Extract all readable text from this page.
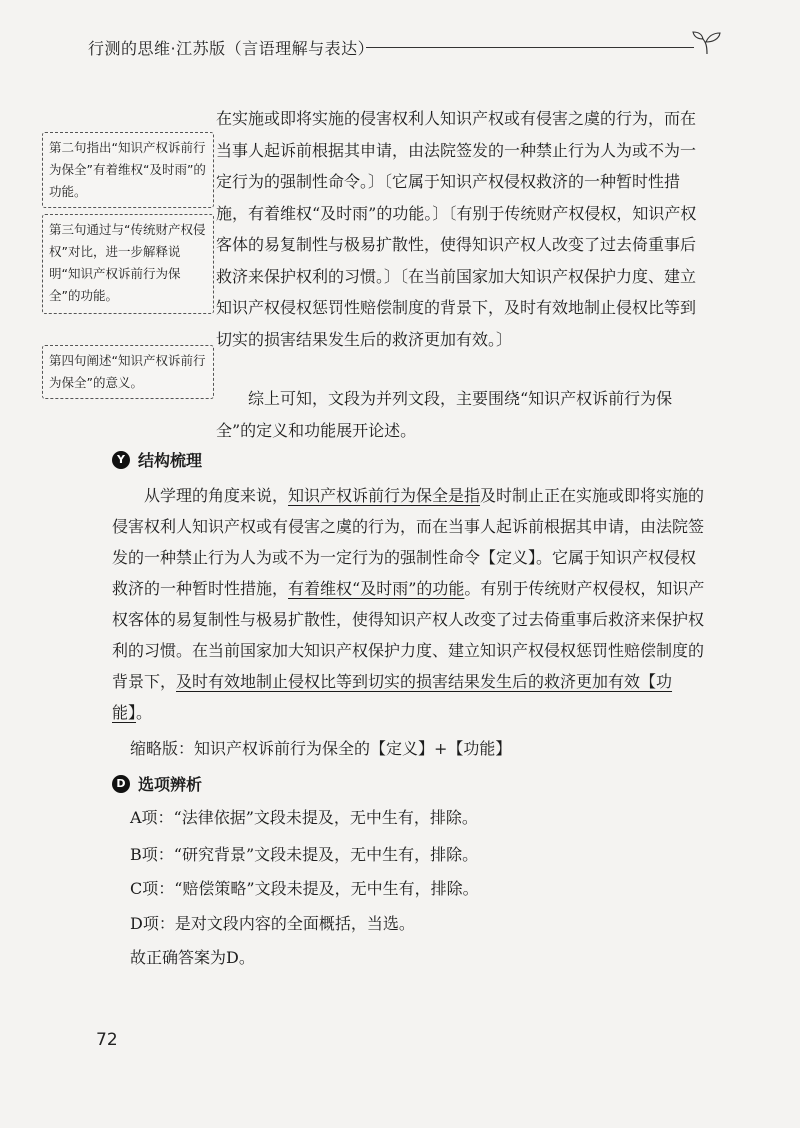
行测的思维·江苏版（言语理解与表达）
第二句指出“知识产权诉前行为保全”有着维权“及时雨”的功能。
第三句通过与“传统财产权侵权”对比，进一步解释说明“知识产权诉前行为保全”的功能。
第四句阐述“知识产权诉前行为保全”的意义。
在实施或即将实施的侵害权利人知识产权或有侵害之虞的行为，而在当事人起诉前根据其申请，由法院签发的一种禁止行为人为或不为一定行为的强制性命令。〕〔它属于知识产权侵权救济的一种暂时性措施，有着维权“及时雨”的功能。〕〔有别于传统财产权侵权，知识产权客体的易复制性与极易扩散性，使得知识产权人改变了过去倚重事后救济来保护权利的习惯。〕〔在当前国家加大知识产权保护力度、建立知识产权侵权惩罚性赔偿制度的背景下，及时有效地制止侵权比等到切实的损害结果发生后的救济更加有效。〕
综上可知，文段为并列文段，主要围绕“知识产权诉前行为保全”的定义和功能展开论述。
Y 结构梳理
从学理的角度来说，知识产权诉前行为保全是指及时制止正在实施或即将实施的侵害权利人知识产权或有侵害之虞的行为，而在当事人起诉前根据其申请，由法院签发的一种禁止行为人为或不为一定行为的强制性命令【定义】。它属于知识产权侵权救济的一种暂时性措施，有着维权“及时雨”的功能。有别于传统财产权侵权，知识产权客体的易复制性与极易扩散性，使得知识产权人改变了过去倚重事后救济来保护权利的习惯。在当前国家加大知识产权保护力度、建立知识产权侵权惩罚性赔偿制度的背景下，及时有效地制止侵权比等到切实的损害结果发生后的救济更加有效【功能】。
缩略版：知识产权诉前行为保全的【定义】+【功能】
D 选项辨析
A项：“法律依据”文段未提及，无中生有，排除。
B项：“研究背景”文段未提及，无中生有，排除。
C项：“赔偿策略”文段未提及，无中生有，排除。
D项：是对文段内容的全面概括，当选。
故正确答案为D。
72
